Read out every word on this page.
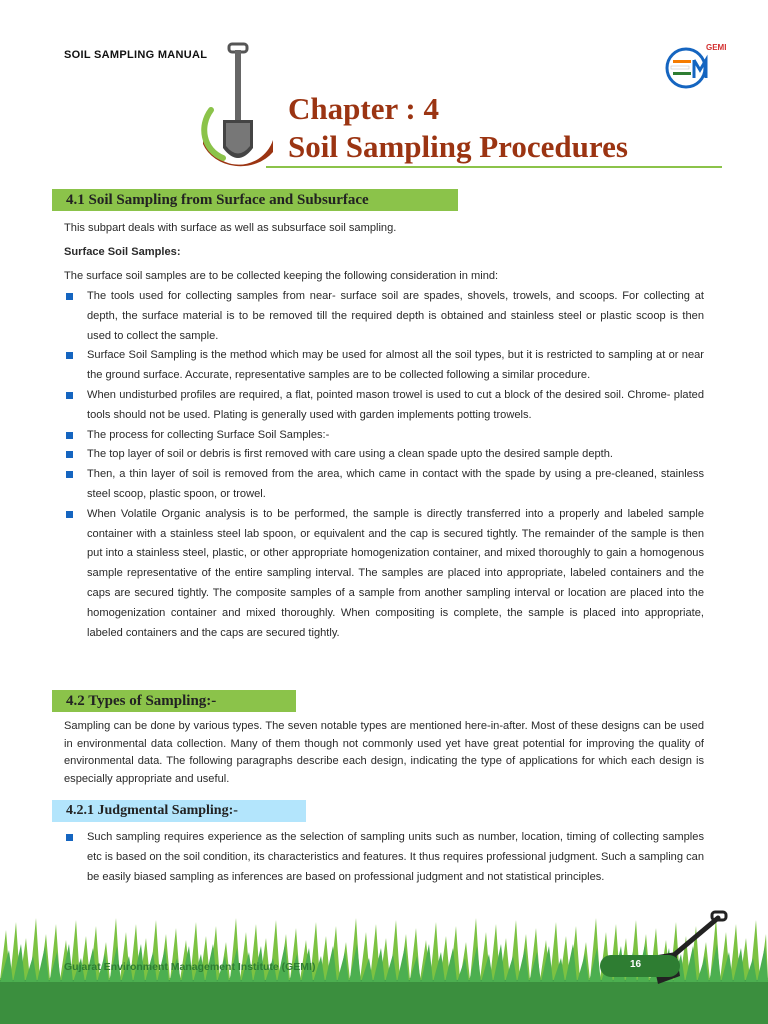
SOIL SAMPLING MANUAL
GEMI
Chapter : 4
Soil Sampling Procedures
4.1 Soil Sampling from Surface and Subsurface
This subpart deals with surface as well as subsurface soil sampling.
Surface Soil Samples:
The surface soil samples are to be collected keeping the following consideration in mind:
The tools used for collecting samples from near- surface soil are spades, shovels, trowels, and scoops. For collecting at depth, the surface material is to be removed till the required depth is obtained and stainless steel or plastic scoop is then used to collect the sample.
Surface Soil Sampling is the method which may be used for almost all the soil types, but it is restricted to sampling at or near the ground surface. Accurate, representative samples are to be collected following a similar procedure.
When undisturbed profiles are required, a flat, pointed mason trowel is used to cut a block of the desired soil. Chrome- plated tools should not be used. Plating is generally used with garden implements potting trowels.
The process for collecting Surface Soil Samples:-
The top layer of soil or debris is first removed with care using a clean spade upto the desired sample depth.
Then, a thin layer of soil is removed from the area, which came in contact with the spade by using a pre-cleaned, stainless steel scoop, plastic spoon, or trowel.
When Volatile Organic analysis is to be performed, the sample is directly transferred into a properly and labeled sample container with a stainless steel lab spoon, or equivalent and the cap is secured tightly. The remainder of the sample is then put into a stainless steel, plastic, or other appropriate homogenization container, and mixed thoroughly to gain a homogenous sample representative of the entire sampling interval. The samples are placed into appropriate, labeled containers and the caps are secured tightly. The composite samples of a sample from another sampling interval or location are placed into the homogenization container and mixed thoroughly. When compositing is complete, the sample is placed into appropriate, labeled containers and the caps are secured tightly.
4.2 Types of Sampling:-
Sampling can be done by various types. The seven notable types are mentioned here-in-after. Most of these designs can be used in environmental data collection. Many of them though not commonly used yet have great potential for improving the quality of environmental data. The following paragraphs describe each design, indicating the type of applications for which each design is especially appropriate and useful.
4.2.1 Judgmental Sampling:-
Such sampling requires experience as the selection of sampling units such as number, location, timing of collecting samples etc is based on the soil condition, its characteristics and features. It thus requires professional judgment. Such a sampling can be easily biased sampling as inferences are based on professional judgment and not statistical principles.
16
Gujarat Environment Management Institute (GEMI)
